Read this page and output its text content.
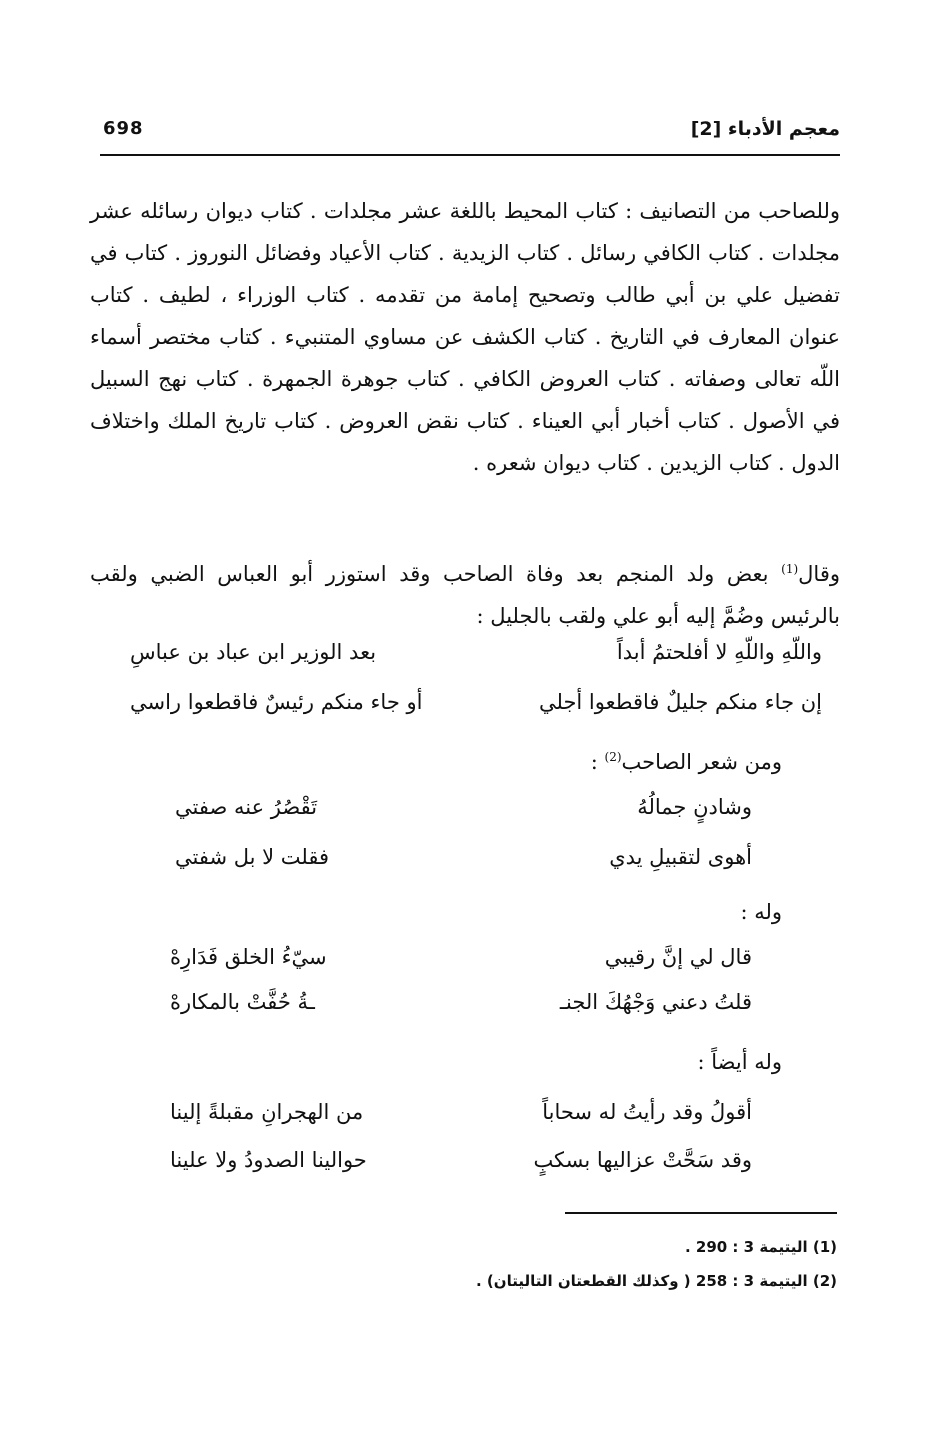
معجم الأدباء [2]
698
وللصاحب من التصانيف : كتاب المحيط باللغة عشر مجلدات . كتاب ديوان رسائله عشر مجلدات . كتاب الكافي رسائل . كتاب الزيدية . كتاب الأعياد وفضائل النوروز . كتاب في تفضيل علي بن أبي طالب وتصحيح إمامة من تقدمه . كتاب الوزراء ، لطيف . كتاب عنوان المعارف في التاريخ . كتاب الكشف عن مساوي المتنبيء . كتاب مختصر أسماء اللّه تعالى وصفاته . كتاب العروض الكافي . كتاب جوهرة الجمهرة . كتاب نهج السبيل في الأصول . كتاب أخبار أبي العيناء . كتاب نقض العروض . كتاب تاريخ الملك واختلاف الدول . كتاب الزيدين . كتاب ديوان شعره .
وقال$^{(1)}$ بعض ولد المنجم بعد وفاة الصاحب وقد استوزر أبو العباس الضبي ولقب بالرئيس وضُمَّ إليه أبو علي ولقب بالجليل :
واللّهِ واللّهِ لا أفلحتمُ أبداً
بعد الوزير ابن عباد بن عباسِ
إن جاء منكم جليلٌ فاقطعوا أجلي
أو جاء منكم رئيسٌ فاقطعوا راسي
ومن شعر الصاحب$^{(2)}$ :
وشادنٍ جمالُهُ
تَقْصُرُ عنه صفتي
أهوى لتقبيلِ يدي
فقلت لا بل شفتي
وله :
قال لي إنَّ رقيبي
سيّءُ الخلق فَدَارِهْ
قلتُ دعني وَجْهُكَ الجنـ
ـةُ حُفَّتْ بالمكارهْ
وله أيضاً :
أقولُ وقد رأيتُ له سحاباً
من الهجرانِ مقبلةً إلينا
وقد سَحَّتْ عزاليها بسكبٍ
حوالينا الصدودُ ولا علينا
(1) اليتيمة 3 : 290 .
(2) اليتيمة 3 : 258 ( وكذلك القطعتان التاليتان) .
